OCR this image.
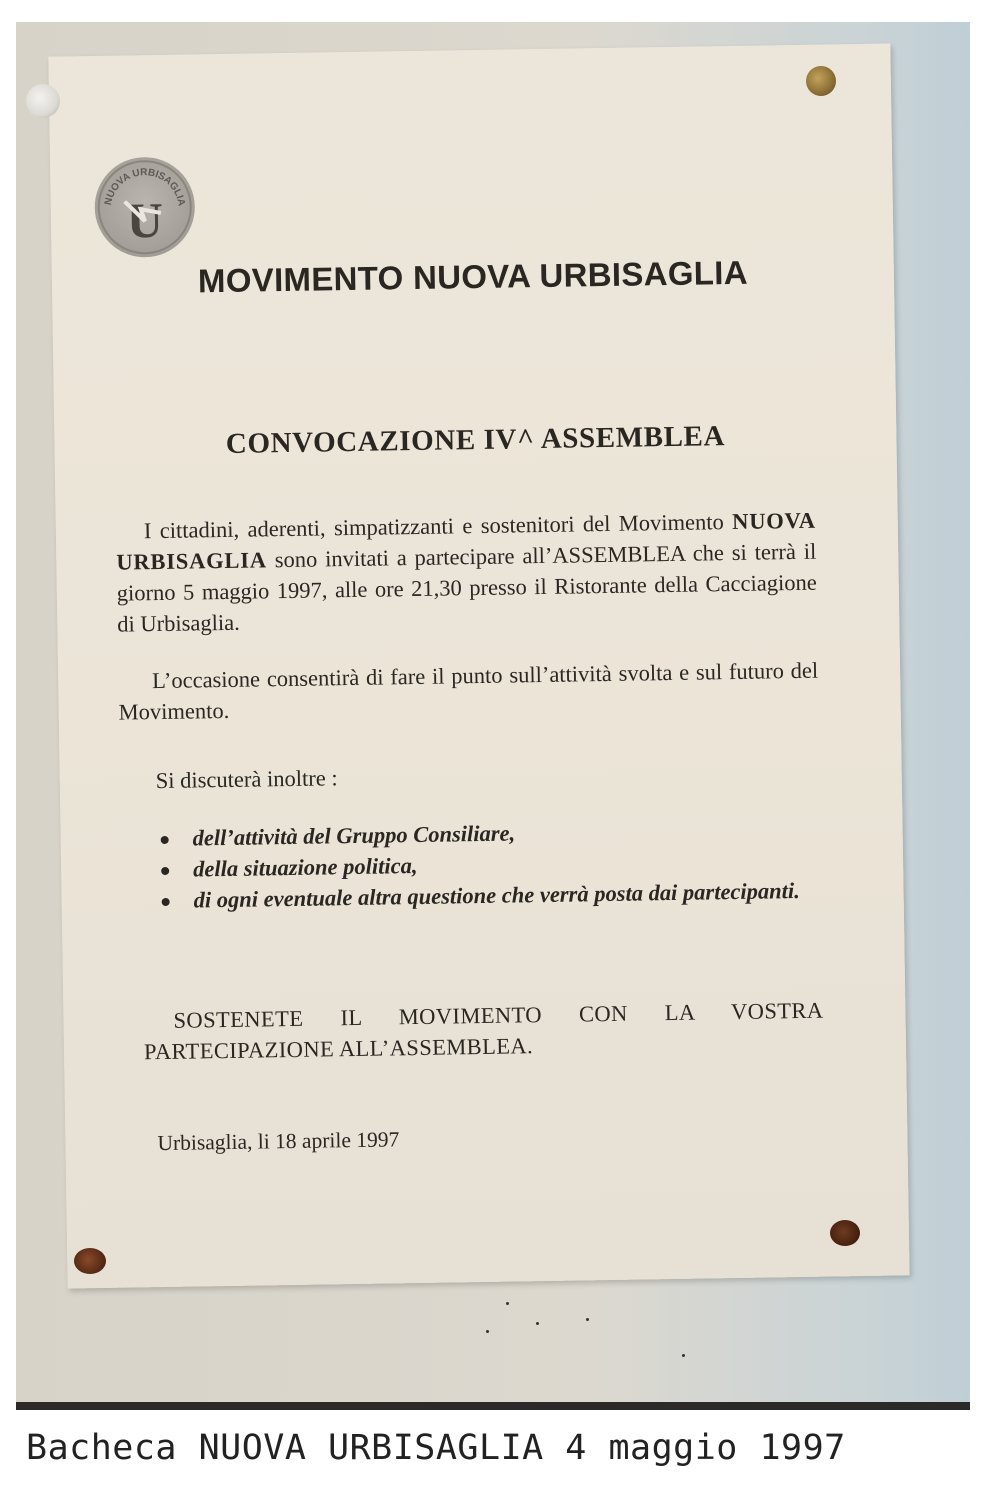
NUOVA URBISAGLIA
U
MOVIMENTO NUOVA URBISAGLIA
CONVOCAZIONE IV^ ASSEMBLEA
I cittadini, aderenti, simpatizzanti e sostenitori del Movimento NUOVA URBISAGLIA sono invitati a partecipare all’ASSEMBLEA che si terrà il giorno 5 maggio 1997, alle ore 21,30 presso il Ristorante della Cacciagione di Urbisaglia.
L’occasione consentirà di fare il punto sull’attività svolta e sul futuro del Movimento.
Si discuterà inoltre :
dell’attività del Gruppo Consiliare,
della situazione politica,
di ogni eventuale altra questione che verrà posta dai partecipanti.
SOSTENETE IL MOVIMENTO CON LA VOSTRA PARTECIPAZIONE ALL’ASSEMBLEA.
Urbisaglia, li 18 aprile 1997
Bacheca NUOVA URBISAGLIA 4 maggio 1997
